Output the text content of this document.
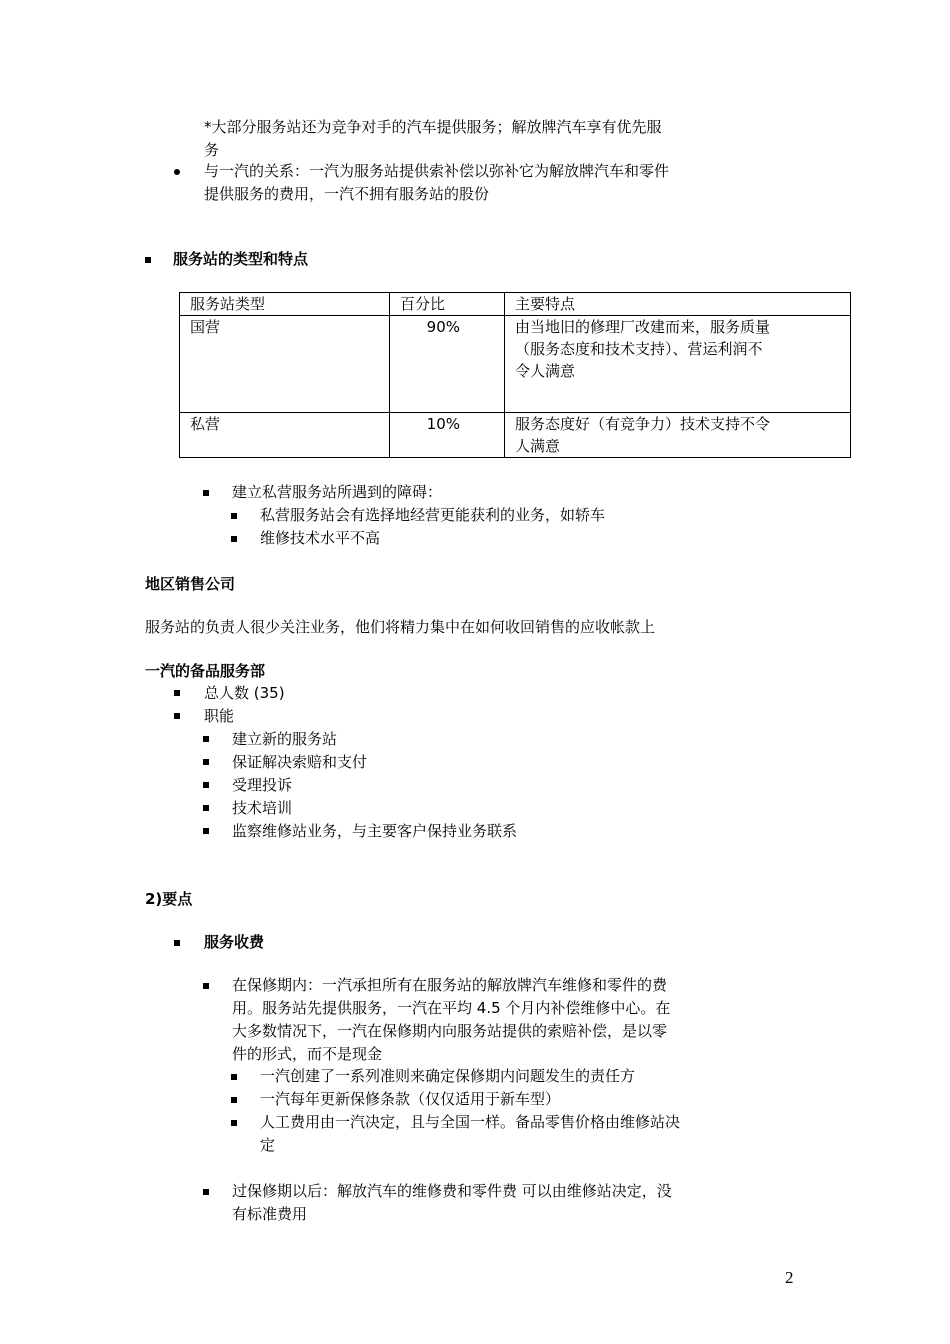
*大部分服务站还为竞争对手的汽车提供服务；解放牌汽车享有优先服
务
与一汽的关系：一汽为服务站提供索补偿以弥补它为解放牌汽车和零件
提供服务的费用，一汽不拥有服务站的股份
服务站的类型和特点
服务站类型	百分比	主要特点
国营	90%	由当地旧的修理厂改建而来，服务质量
（服务态度和技术支持）、营运利润不
令人满意

私营	10%	服务态度好（有竞争力）技术支持不令
人满意
建立私营服务站所遇到的障碍：
私营服务站会有选择地经营更能获利的业务，如轿车
维修技术水平不高
地区销售公司
服务站的负责人很少关注业务，他们将精力集中在如何收回销售的应收帐款上
一汽的备品服务部
总人数 (35)
职能
建立新的服务站
保证解决索赔和支付
受理投诉
技术培训
监察维修站业务，与主要客户保持业务联系
2)要点
服务收费
在保修期内：一汽承担所有在服务站的解放牌汽车维修和零件的费
用。服务站先提供服务，一汽在平均 4.5 个月内补偿维修中心。在
大多数情况下，一汽在保修期内向服务站提供的索赔补偿，是以零
件的形式，而不是现金
一汽创建了一系列准则来确定保修期内问题发生的责任方
一汽每年更新保修条款（仅仅适用于新车型）
人工费用由一汽决定，且与全国一样。备品零售价格由维修站决
定
过保修期以后：解放汽车的维修费和零件费 可以由维修站决定，没
有标准费用
2
